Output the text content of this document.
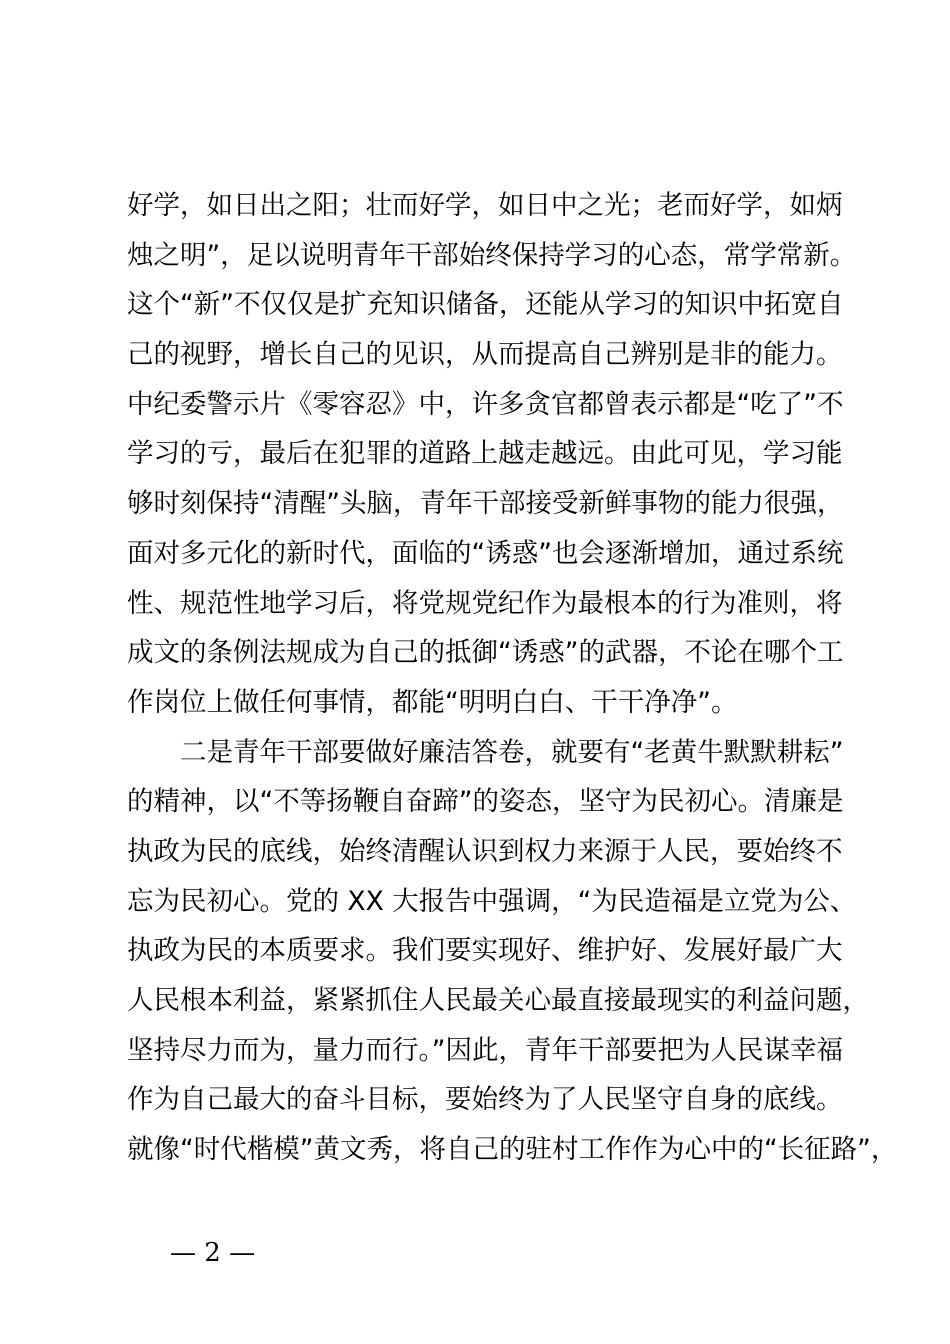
好学，如日出之阳；壮而好学，如日中之光；老而好学，如炳
烛之明”，足以说明青年干部始终保持学习的心态，常学常新。
这个“新”不仅仅是扩充知识储备，还能从学习的知识中拓宽自
己的视野，增长自己的见识，从而提高自己辨别是非的能力。
中纪委警示片《零容忍》中，许多贪官都曾表示都是“吃了”不
学习的亏，最后在犯罪的道路上越走越远。由此可见，学习能
够时刻保持“清醒”头脑，青年干部接受新鲜事物的能力很强，
面对多元化的新时代，面临的“诱惑”也会逐渐增加，通过系统
性、规范性地学习后，将党规党纪作为最根本的行为准则，将
成文的条例法规成为自己的抵御“诱惑”的武器，不论在哪个工
作岗位上做任何事情，都能“明明白白、干干净净”。
二是青年干部要做好廉洁答卷，就要有“老黄牛默默耕耘”
的精神，以“不等扬鞭自奋蹄”的姿态，坚守为民初心。清廉是
执政为民的底线，始终清醒认识到权力来源于人民，要始终不
忘为民初心。党的 XX 大报告中强调，“为民造福是立党为公、
执政为民的本质要求。我们要实现好、维护好、发展好最广大
人民根本利益，紧紧抓住人民最关心最直接最现实的利益问题，
坚持尽力而为，量力而行。”因此，青年干部要把为人民谋幸福
作为自己最大的奋斗目标，要始终为了人民坚守自身的底线。
就像“时代楷模”黄文秀，将自己的驻村工作作为心中的“长征路”，
— 2 —
